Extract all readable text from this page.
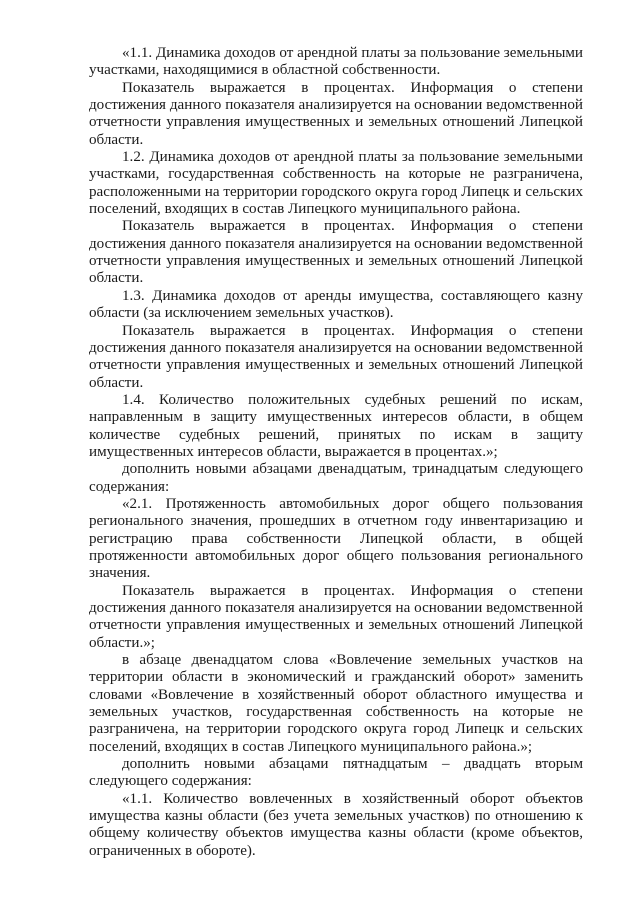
«1.1. Динамика доходов от арендной платы за пользование земельными участками, находящимися в областной собственности.

Показатель выражается в процентах. Информация о степени достижения данного показателя анализируется на основании ведомственной отчетности управления имущественных и земельных отношений Липецкой области.

1.2. Динамика доходов от арендной платы за пользование земельными участками, государственная собственность на которые не разграничена, расположенными на территории городского округа город Липецк и сельских поселений, входящих в состав Липецкого муниципального района.

Показатель выражается в процентах. Информация о степени достижения данного показателя анализируется на основании ведомственной отчетности управления имущественных и земельных отношений Липецкой области.

1.3. Динамика доходов от аренды имущества, составляющего казну области (за исключением земельных участков).

Показатель выражается в процентах. Информация о степени достижения данного показателя анализируется на основании ведомственной отчетности управления имущественных и земельных отношений Липецкой области.

1.4. Количество положительных судебных решений по искам, направленным в защиту имущественных интересов области, в общем количестве судебных решений, принятых по искам в защиту имущественных интересов области, выражается в процентах.»;

дополнить новыми абзацами двенадцатым, тринадцатым следующего содержания:

«2.1. Протяженность автомобильных дорог общего пользования регионального значения, прошедших в отчетном году инвентаризацию и регистрацию права собственности Липецкой области, в общей протяженности автомобильных дорог общего пользования регионального значения.

Показатель выражается в процентах. Информация о степени достижения данного показателя анализируется на основании ведомственной отчетности управления имущественных и земельных отношений Липецкой области.»;

в абзаце двенадцатом слова «Вовлечение земельных участков на территории области в экономический и гражданский оборот» заменить словами «Вовлечение в хозяйственный оборот областного имущества и земельных участков, государственная собственность на которые не разграничена, на территории городского округа город Липецк и сельских поселений, входящих в состав Липецкого муниципального района.»;

дополнить новыми абзацами пятнадцатым – двадцать вторым следующего содержания:

«1.1. Количество вовлеченных в хозяйственный оборот объектов имущества казны области (без учета земельных участков) по отношению к общему количеству объектов имущества казны области (кроме объектов, ограниченных в обороте).
